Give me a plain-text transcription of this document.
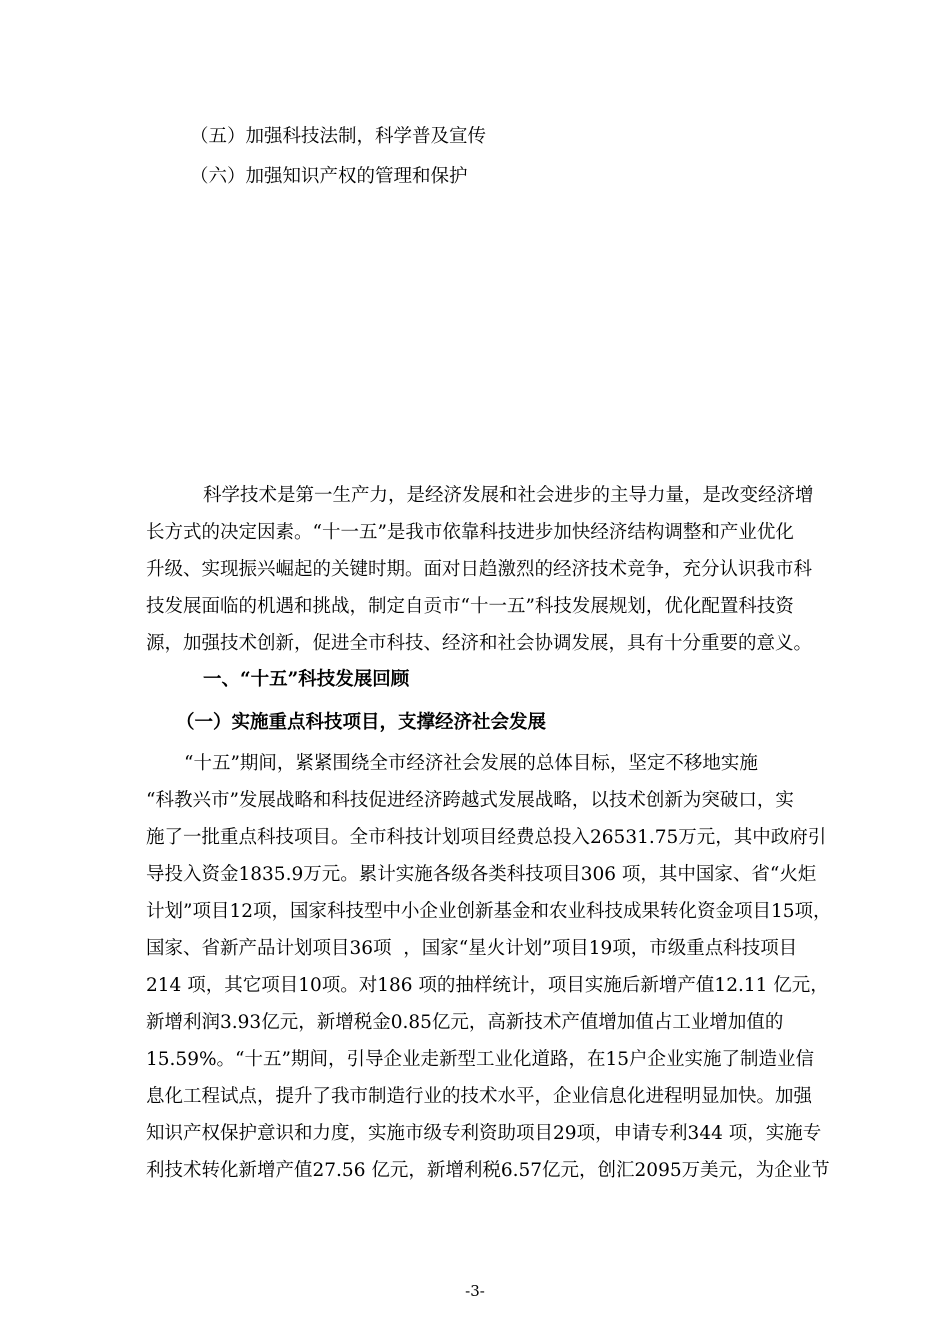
（五）加强科技法制，科学普及宣传
（六）加强知识产权的管理和保护
科学技术是第一生产力，是经济发展和社会进步的主导力量，是改变经济增
长方式的决定因素。“十一五”是我市依靠科技进步加快经济结构调整和产业优化
升级、实现振兴崛起的关键时期。面对日趋激烈的经济技术竞争，充分认识我市科
技发展面临的机遇和挑战，制定自贡市“十一五”科技发展规划，优化配置科技资
源，加强技术创新，促进全市科技、经济和社会协调发展，具有十分重要的意义。
一、“十五”科技发展回顾
（一）实施重点科技项目，支撑经济社会发展
“十五”期间，紧紧围绕全市经济社会发展的总体目标，坚定不移地实施
“科教兴市”发展战略和科技促进经济跨越式发展战略，以技术创新为突破口，实
施了一批重点科技项目。全市科技计划项目经费总投入26531.75万元，其中政府引
导投入资金1835.9万元。累计实施各级各类科技项目306 项，其中国家、省“火炬
计划”项目12项，国家科技型中小企业创新基金和农业科技成果转化资金项目15项，
国家、省新产品计划项目36项  ，国家“星火计划”项目19项，市级重点科技项目
214 项，其它项目10项。对186 项的抽样统计，项目实施后新增产值12.11 亿元，
新增利润3.93亿元，新增税金0.85亿元，高新技术产值增加值占工业增加值的
15.59%。“十五”期间，引导企业走新型工业化道路，在15户企业实施了制造业信
息化工程试点，提升了我市制造行业的技术水平，企业信息化进程明显加快。加强
知识产权保护意识和力度，实施市级专利资助项目29项，申请专利344 项，实施专
利技术转化新增产值27.56 亿元，新增利税6.57亿元，创汇2095万美元，为企业节
-3-
